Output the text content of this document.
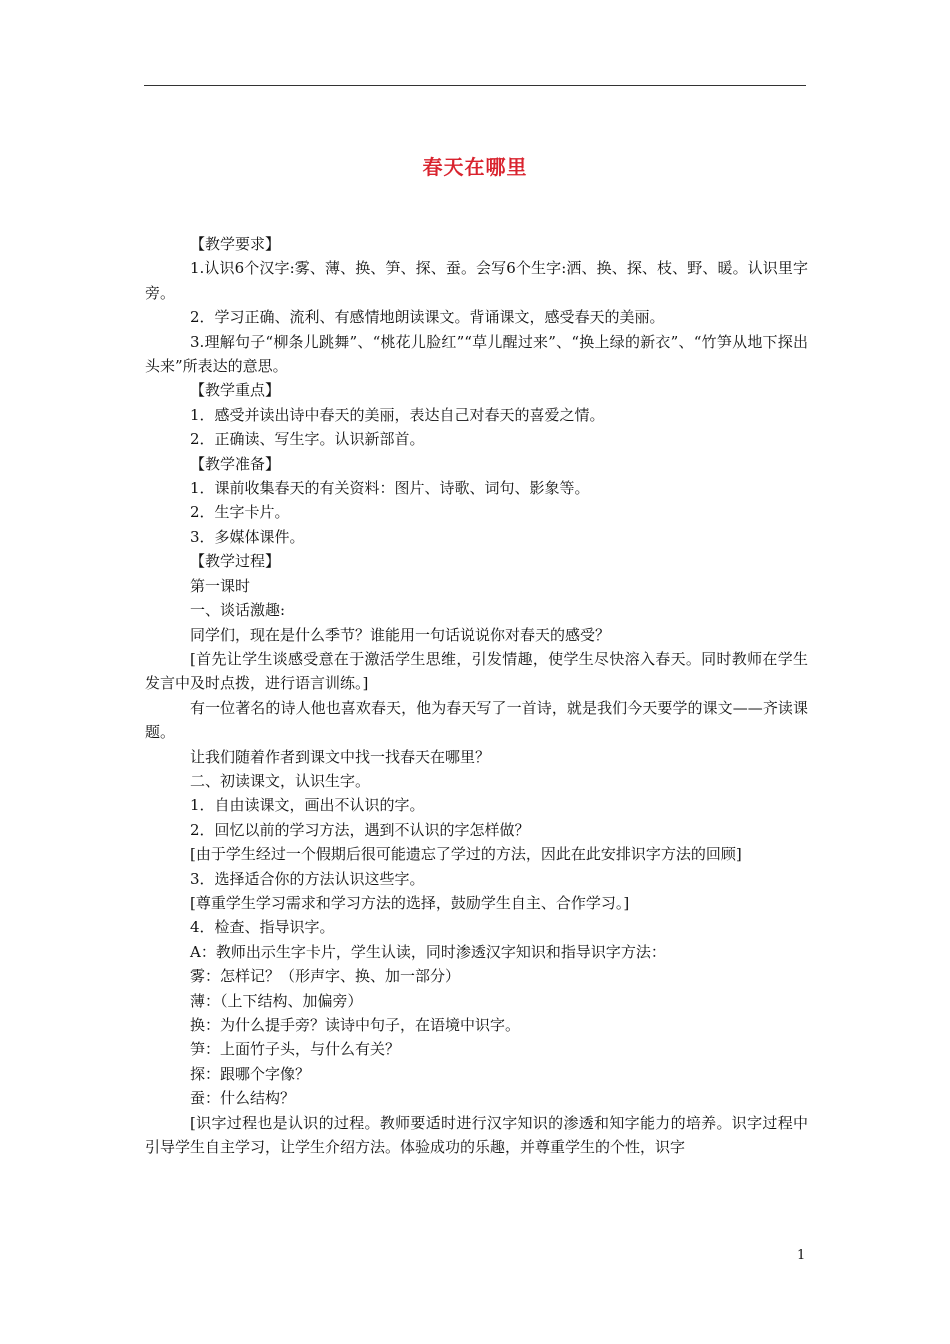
春天在哪里

【教学要求】

1.认识6个汉字:雾、薄、换、笋、探、蚕。会写6个生字:洒、换、探、枝、野、暖。认识里字旁。

2．学习正确、流利、有感情地朗读课文。背诵课文，感受春天的美丽。

3.理解句子“柳条儿跳舞”、“桃花儿脸红”“草儿醒过来”、“换上绿的新衣”、“竹笋从地下探出头来”所表达的意思。

【教学重点】

1．感受并读出诗中春天的美丽，表达自己对春天的喜爱之情。

2．正确读、写生字。认识新部首。

【教学准备】

1．课前收集春天的有关资料：图片、诗歌、词句、影象等。

2．生字卡片。

3．多媒体课件。

【教学过程】

第一课时

一、谈话激趣:

同学们，现在是什么季节？谁能用一句话说说你对春天的感受？

[首先让学生谈感受意在于激活学生思维，引发情趣，使学生尽快溶入春天。同时教师在学生发言中及时点拨，进行语言训练。]

有一位著名的诗人他也喜欢春天，他为春天写了一首诗，就是我们今天要学的课文——齐读课题。

让我们随着作者到课文中找一找春天在哪里？

二、初读课文，认识生字。

1．自由读课文，画出不认识的字。

2．回忆以前的学习方法，遇到不认识的字怎样做？

[由于学生经过一个假期后很可能遗忘了学过的方法，因此在此安排识字方法的回顾]

3．选择适合你的方法认识这些字。

[尊重学生学习需求和学习方法的选择，鼓励学生自主、合作学习。]

4．检查、指导识字。

A：教师出示生字卡片，学生认读，同时渗透汉字知识和指导识字方法：

雾：怎样记？（形声字、换、加一部分）

薄：（上下结构、加偏旁）

换：为什么提手旁？读诗中句子，在语境中识字。

笋：上面竹子头，与什么有关？

探：跟哪个字像？

蚕：什么结构？

[识字过程也是认识的过程。教师要适时进行汉字知识的渗透和知字能力的培养。识字过程中引导学生自主学习，让学生介绍方法。体验成功的乐趣，并尊重学生的个性，识字

1
